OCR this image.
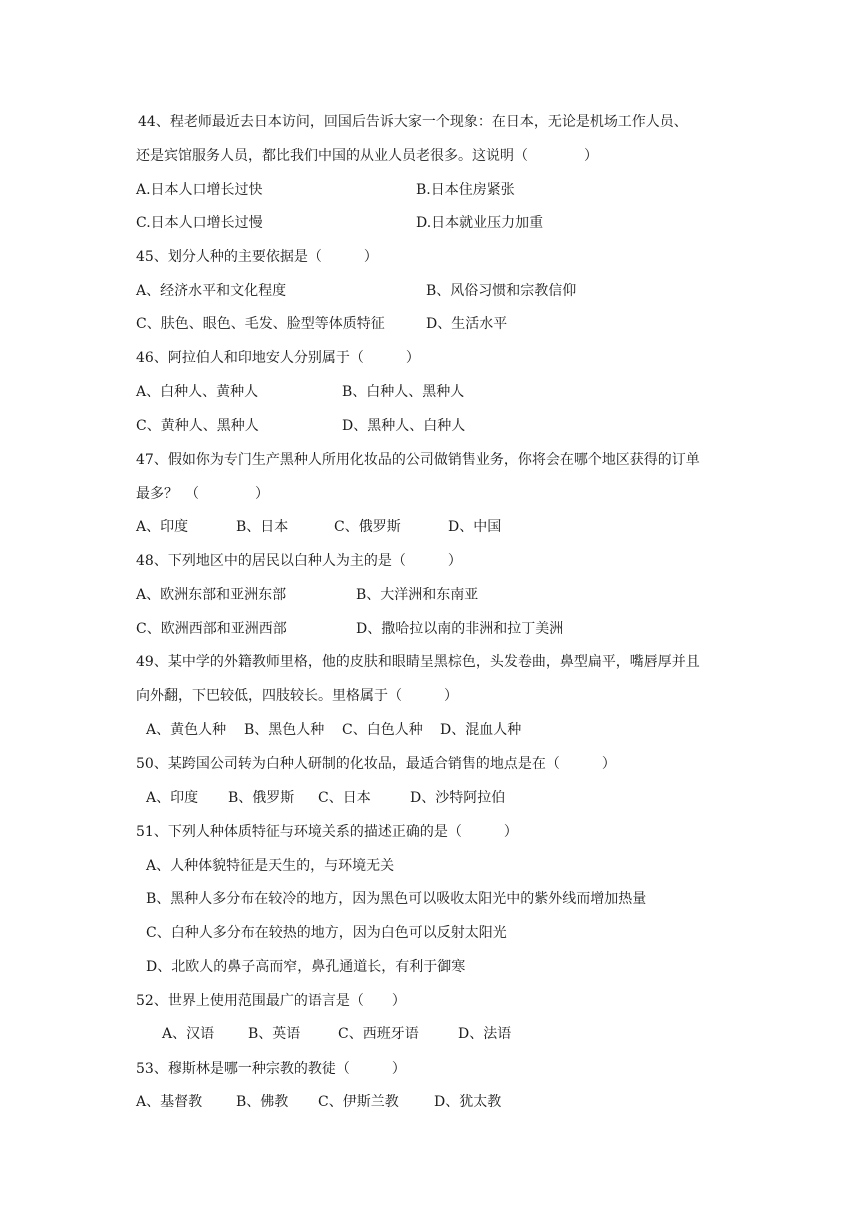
44、程老师最近去日本访问，回国后告诉大家一个现象：在日本，无论是机场工作人员、
还是宾馆服务人员，都比我们中国的从业人员老很多。这说明（　　　　）
A.日本人口增长过快	B.日本住房紧张
C.日本人口增长过慢	D.日本就业压力加重
45、划分人种的主要依据是（　　　）
A、经济水平和文化程度	B、风俗习惯和宗教信仰
C、肤色、眼色、毛发、脸型等体质特征	D、生活水平
46、阿拉伯人和印地安人分别属于（　　　）
A、白种人、黄种人	B、白种人、黑种人
C、黄种人、黑种人	D、黑种人、白种人
47、假如你为专门生产黑种人所用化妆品的公司做销售业务，你将会在哪个地区获得的订单
最多？　（　　　　）
A、印度	B、日本	C、俄罗斯	D、中国
48、下列地区中的居民以白种人为主的是（　　　）
A、欧洲东部和亚洲东部	B、大洋洲和东南亚
C、欧洲西部和亚洲西部	D、撒哈拉以南的非洲和拉丁美洲
49、某中学的外籍教师里格，他的皮肤和眼睛呈黑棕色，头发卷曲，鼻型扁平，嘴唇厚并且
向外翻，下巴较低，四肢较长。里格属于（　　　）
A、黄色人种 B、黑色人种 C、白色人种 D、混血人种
50、某跨国公司转为白种人研制的化妆品，最适合销售的地点是在（　　　）
A、印度 B、俄罗斯 C、日本	D、沙特阿拉伯
51、下列人种体质特征与环境关系的描述正确的是（　　　）
A、人种体貌特征是天生的，与环境无关
B、黑种人多分布在较冷的地方，因为黑色可以吸收太阳光中的紫外线而增加热量
C、白种人多分布在较热的地方，因为白色可以反射太阳光
D、北欧人的鼻子高而窄，鼻孔通道长，有利于御寒
52、世界上使用范围最广的语言是（　　）
A、汉语 B、英语	C、西班牙语	D、法语
53、穆斯林是哪一种宗教的教徒（　　　）
A、基督教 B、佛教 C、伊斯兰教	D、犹太教
